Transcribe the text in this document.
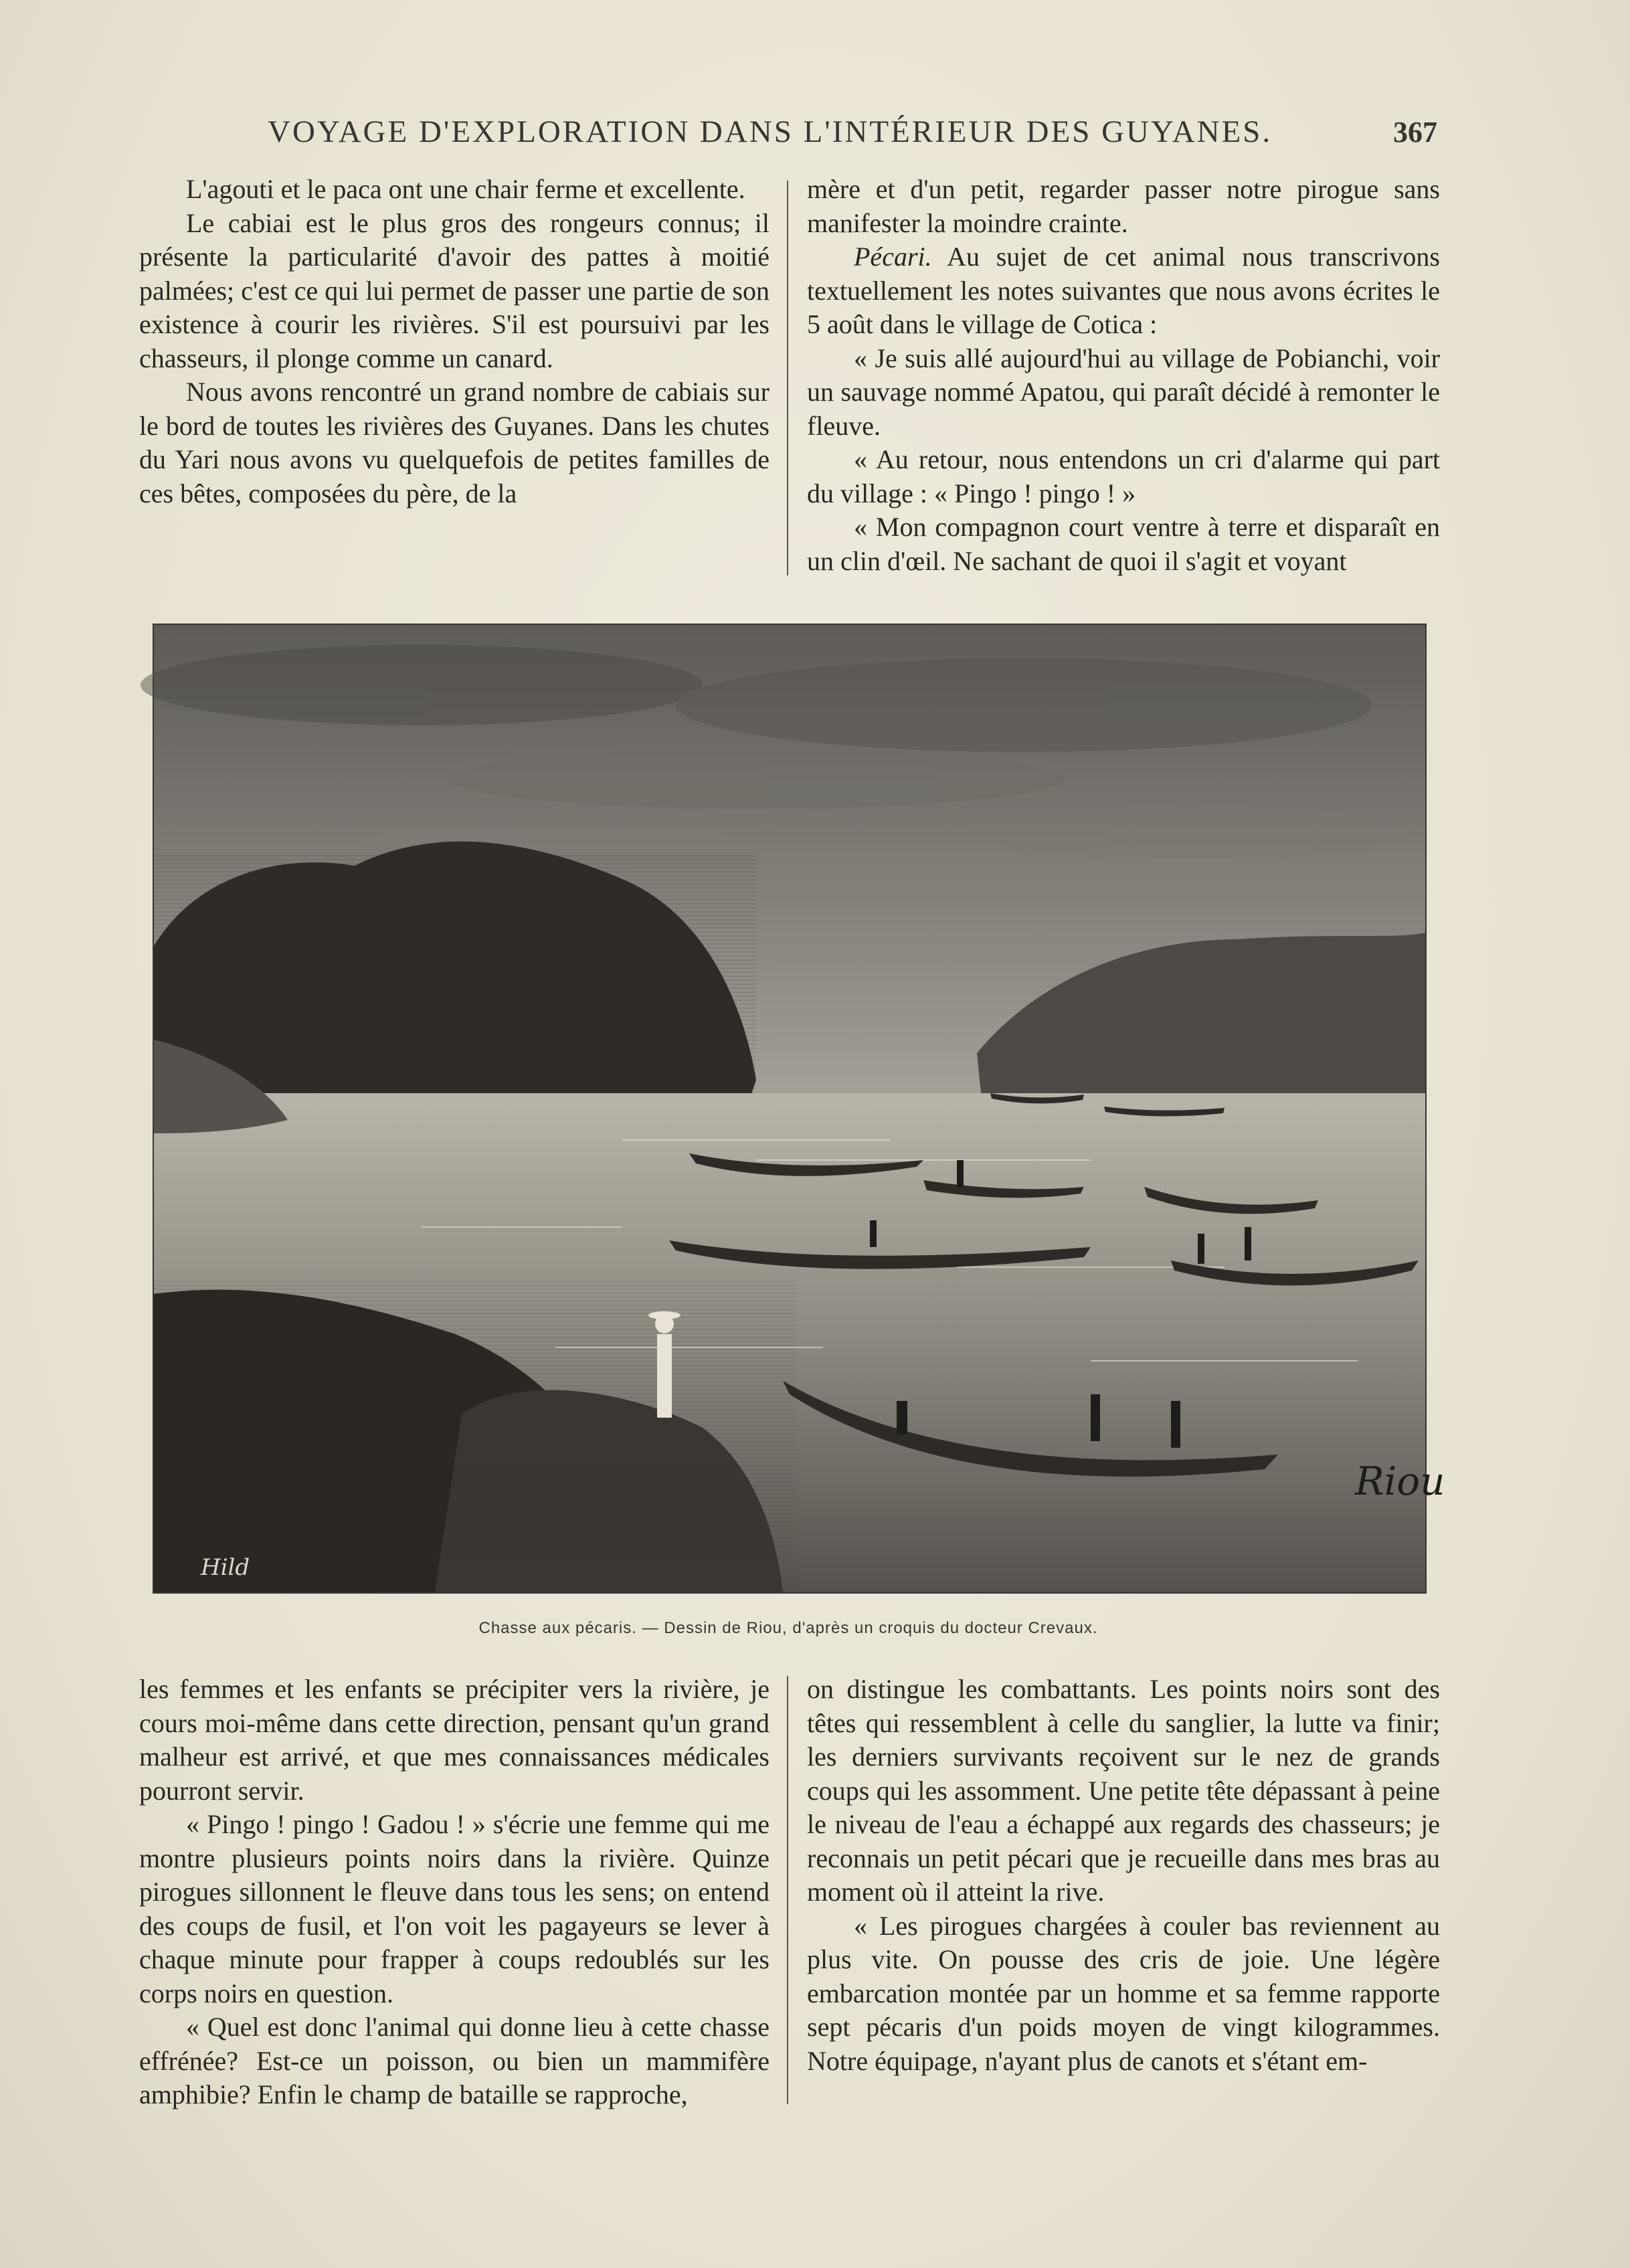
VOYAGE D'EXPLORATION DANS L'INTÉRIEUR DES GUYANES.	367

L'agouti et le paca ont une chair ferme et excellente.

Le cabiai est le plus gros des rongeurs connus; il présente la particularité d'avoir des pattes à moitié palmées; c'est ce qui lui permet de passer une partie de son existence à courir les rivières. S'il est poursuivi par les chasseurs, il plonge comme un canard.

Nous avons rencontré un grand nombre de cabiais sur le bord de toutes les rivières des Guyanes. Dans les chutes du Yari nous avons vu quelquefois de petites familles de ces bêtes, composées du père, de la

mère et d'un petit, regarder passer notre pirogue sans manifester la moindre crainte.

Pécari. Au sujet de cet animal nous transcrivons textuellement les notes suivantes que nous avons écrites le 5 août dans le village de Cotica :

« Je suis allé aujourd'hui au village de Pobianchi, voir un sauvage nommé Apatou, qui paraît décidé à remonter le fleuve.

« Au retour, nous entendons un cri d'alarme qui part du village : « Pingo ! pingo ! »

« Mon compagnon court ventre à terre et disparaît en un clin d'œil. Ne sachant de quoi il s'agit et voyant

Riou
Hild
Chasse aux pécaris. — Dessin de Riou, d'après un croquis du docteur Crevaux.

les femmes et les enfants se précipiter vers la rivière, je cours moi-même dans cette direction, pensant qu'un grand malheur est arrivé, et que mes connaissances médicales pourront servir.

« Pingo ! pingo ! Gadou ! » s'écrie une femme qui me montre plusieurs points noirs dans la rivière. Quinze pirogues sillonnent le fleuve dans tous les sens; on entend des coups de fusil, et l'on voit les pagayeurs se lever à chaque minute pour frapper à coups redoublés sur les corps noirs en question.

« Quel est donc l'animal qui donne lieu à cette chasse effrénée? Est-ce un poisson, ou bien un mammifère amphibie? Enfin le champ de bataille se rapproche,

on distingue les combattants. Les points noirs sont des têtes qui ressemblent à celle du sanglier, la lutte va finir; les derniers survivants reçoivent sur le nez de grands coups qui les assomment. Une petite tête dépassant à peine le niveau de l'eau a échappé aux regards des chasseurs; je reconnais un petit pécari que je recueille dans mes bras au moment où il atteint la rive.

« Les pirogues chargées à couler bas reviennent au plus vite. On pousse des cris de joie. Une légère embarcation montée par un homme et sa femme rapporte sept pécaris d'un poids moyen de vingt kilogrammes. Notre équipage, n'ayant plus de canots et s'étant em-
